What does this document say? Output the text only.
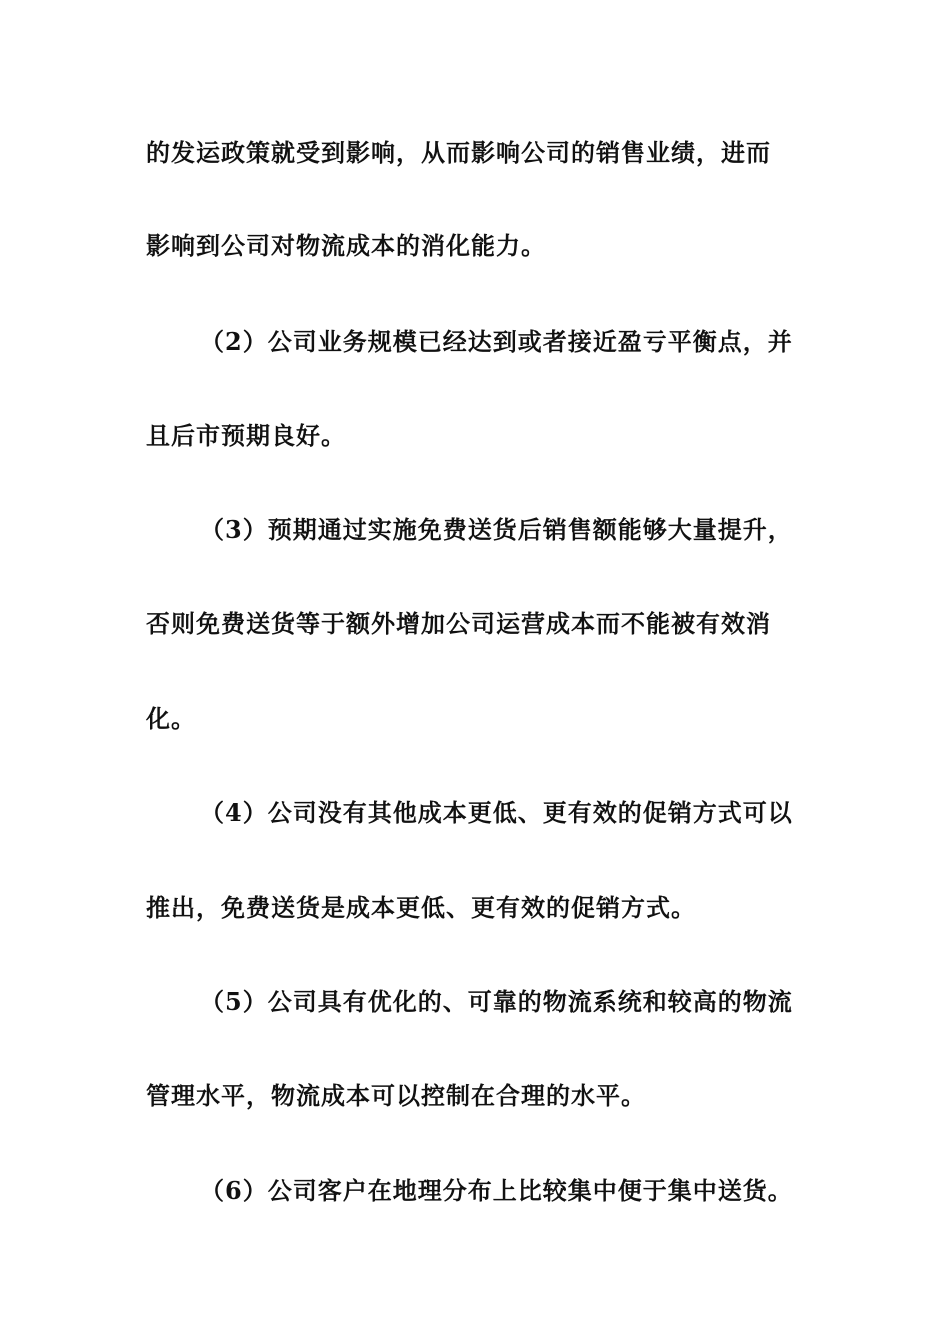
的发运政策就受到影响，从而影响公司的销售业绩，进而
影响到公司对物流成本的消化能力。
（2）公司业务规模已经达到或者接近盈亏平衡点，并
且后市预期良好。
（3）预期通过实施免费送货后销售额能够大量提升，
否则免费送货等于额外增加公司运营成本而不能被有效消
化。
（4）公司没有其他成本更低、更有效的促销方式可以
推出，免费送货是成本更低、更有效的促销方式。
（5）公司具有优化的、可靠的物流系统和较高的物流
管理水平，物流成本可以控制在合理的水平。
（6）公司客户在地理分布上比较集中便于集中送货。
